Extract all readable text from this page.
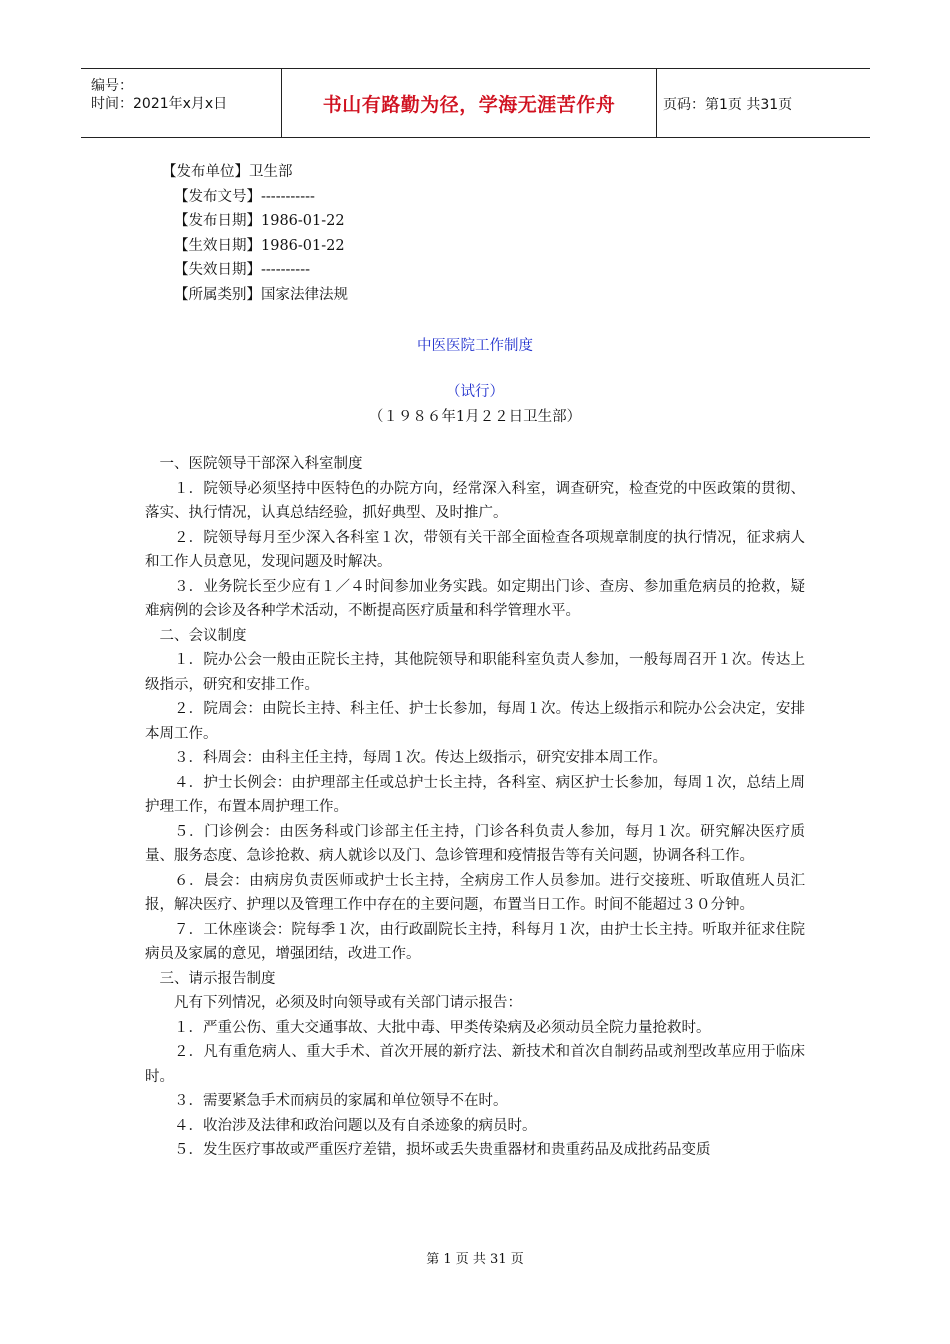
编号：
时间：2021年x月x日	书山有路勤为径，学海无涯苦作舟	页码：第1页 共31页
【发布单位】卫生部
【发布文号】-----------
【发布日期】1986-01-22
【生效日期】1986-01-22
【失效日期】----------
【所属类别】国家法律法规
中医医院工作制度
（试行）
（１９８６年1月２２日卫生部）

一、医院领导干部深入科室制度

１．院领导必须坚持中医特色的办院方向，经常深入科室，调查研究，检查党的中医政策的贯彻、落实、执行情况，认真总结经验，抓好典型、及时推广。

２．院领导每月至少深入各科室１次，带领有关干部全面检查各项规章制度的执行情况，征求病人和工作人员意见，发现问题及时解决。

３．业务院长至少应有１／４时间参加业务实践。如定期出门诊、查房、参加重危病员的抢救，疑难病例的会诊及各种学术活动，不断提高医疗质量和科学管理水平。

二、会议制度

１．院办公会一般由正院长主持，其他院领导和职能科室负责人参加，一般每周召开１次。传达上级指示，研究和安排工作。

２．院周会：由院长主持、科主任、护士长参加，每周１次。传达上级指示和院办公会决定，安排本周工作。

３．科周会：由科主任主持，每周１次。传达上级指示，研究安排本周工作。

４．护士长例会：由护理部主任或总护士长主持，各科室、病区护士长参加，每周１次，总结上周护理工作，布置本周护理工作。

５．门诊例会：由医务科或门诊部主任主持，门诊各科负责人参加，每月１次。研究解决医疗质量、服务态度、急诊抢救、病人就诊以及门、急诊管理和疫情报告等有关问题，协调各科工作。

６．晨会：由病房负责医师或护士长主持，全病房工作人员参加。进行交接班、听取值班人员汇报，解决医疗、护理以及管理工作中存在的主要问题，布置当日工作。时间不能超过３０分钟。

７．工休座谈会：院每季１次，由行政副院长主持，科每月１次，由护士长主持。听取并征求住院病员及家属的意见，增强团结，改进工作。

三、请示报告制度

凡有下列情况，必须及时向领导或有关部门请示报告：

１．严重公伤、重大交通事故、大批中毒、甲类传染病及必须动员全院力量抢救时。

２．凡有重危病人、重大手术、首次开展的新疗法、新技术和首次自制药品或剂型改革应用于临床时。

３．需要紧急手术而病员的家属和单位领导不在时。

４．收治涉及法律和政治问题以及有自杀迹象的病员时。

５．发生医疗事故或严重医疗差错，损坏或丢失贵重器材和贵重药品及成批药品变质

第 1 页 共 31 页
